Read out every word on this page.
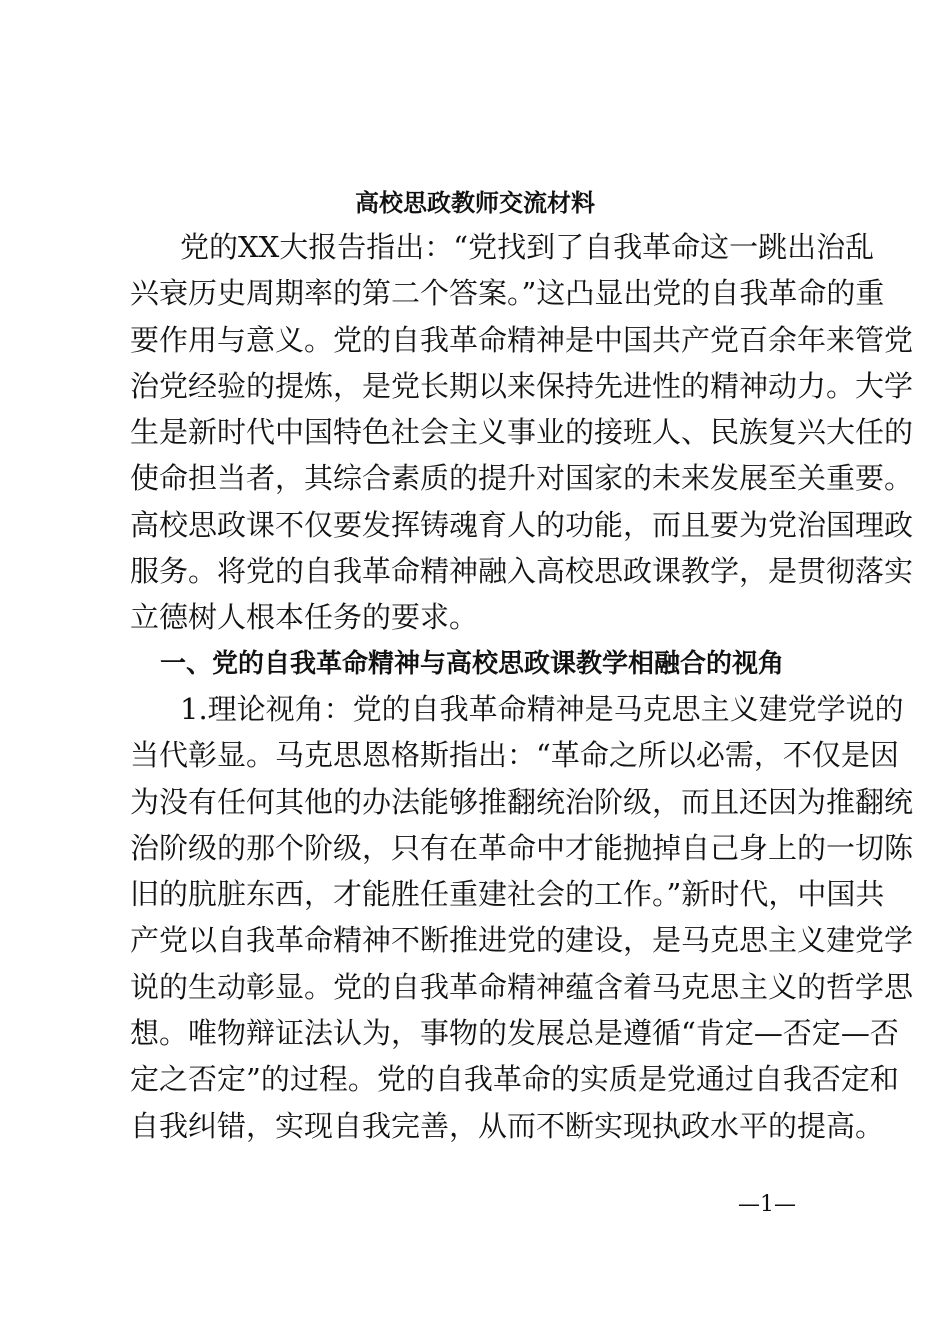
高校思政教师交流材料
党的XX大报告指出：“党找到了自我革命这一跳出治乱
兴衰历史周期率的第二个答案。”这凸显出党的自我革命的重
要作用与意义。党的自我革命精神是中国共产党百余年来管党
治党经验的提炼，是党长期以来保持先进性的精神动力。大学
生是新时代中国特色社会主义事业的接班人、民族复兴大任的
使命担当者，其综合素质的提升对国家的未来发展至关重要。
高校思政课不仅要发挥铸魂育人的功能，而且要为党治国理政
服务。将党的自我革命精神融入高校思政课教学，是贯彻落实
立德树人根本任务的要求。
一、党的自我革命精神与高校思政课教学相融合的视角
1.理论视角：党的自我革命精神是马克思主义建党学说的
当代彰显。马克思恩格斯指出：“革命之所以必需，不仅是因
为没有任何其他的办法能够推翻统治阶级，而且还因为推翻统
治阶级的那个阶级，只有在革命中才能抛掉自己身上的一切陈
旧的肮脏东西，才能胜任重建社会的工作。”新时代，中国共
产党以自我革命精神不断推进党的建设，是马克思主义建党学
说的生动彰显。党的自我革命精神蕴含着马克思主义的哲学思
想。唯物辩证法认为，事物的发展总是遵循“肯定—否定—否
定之否定”的过程。党的自我革命的实质是党通过自我否定和
自我纠错，实现自我完善，从而不断实现执政水平的提高。
—1—
